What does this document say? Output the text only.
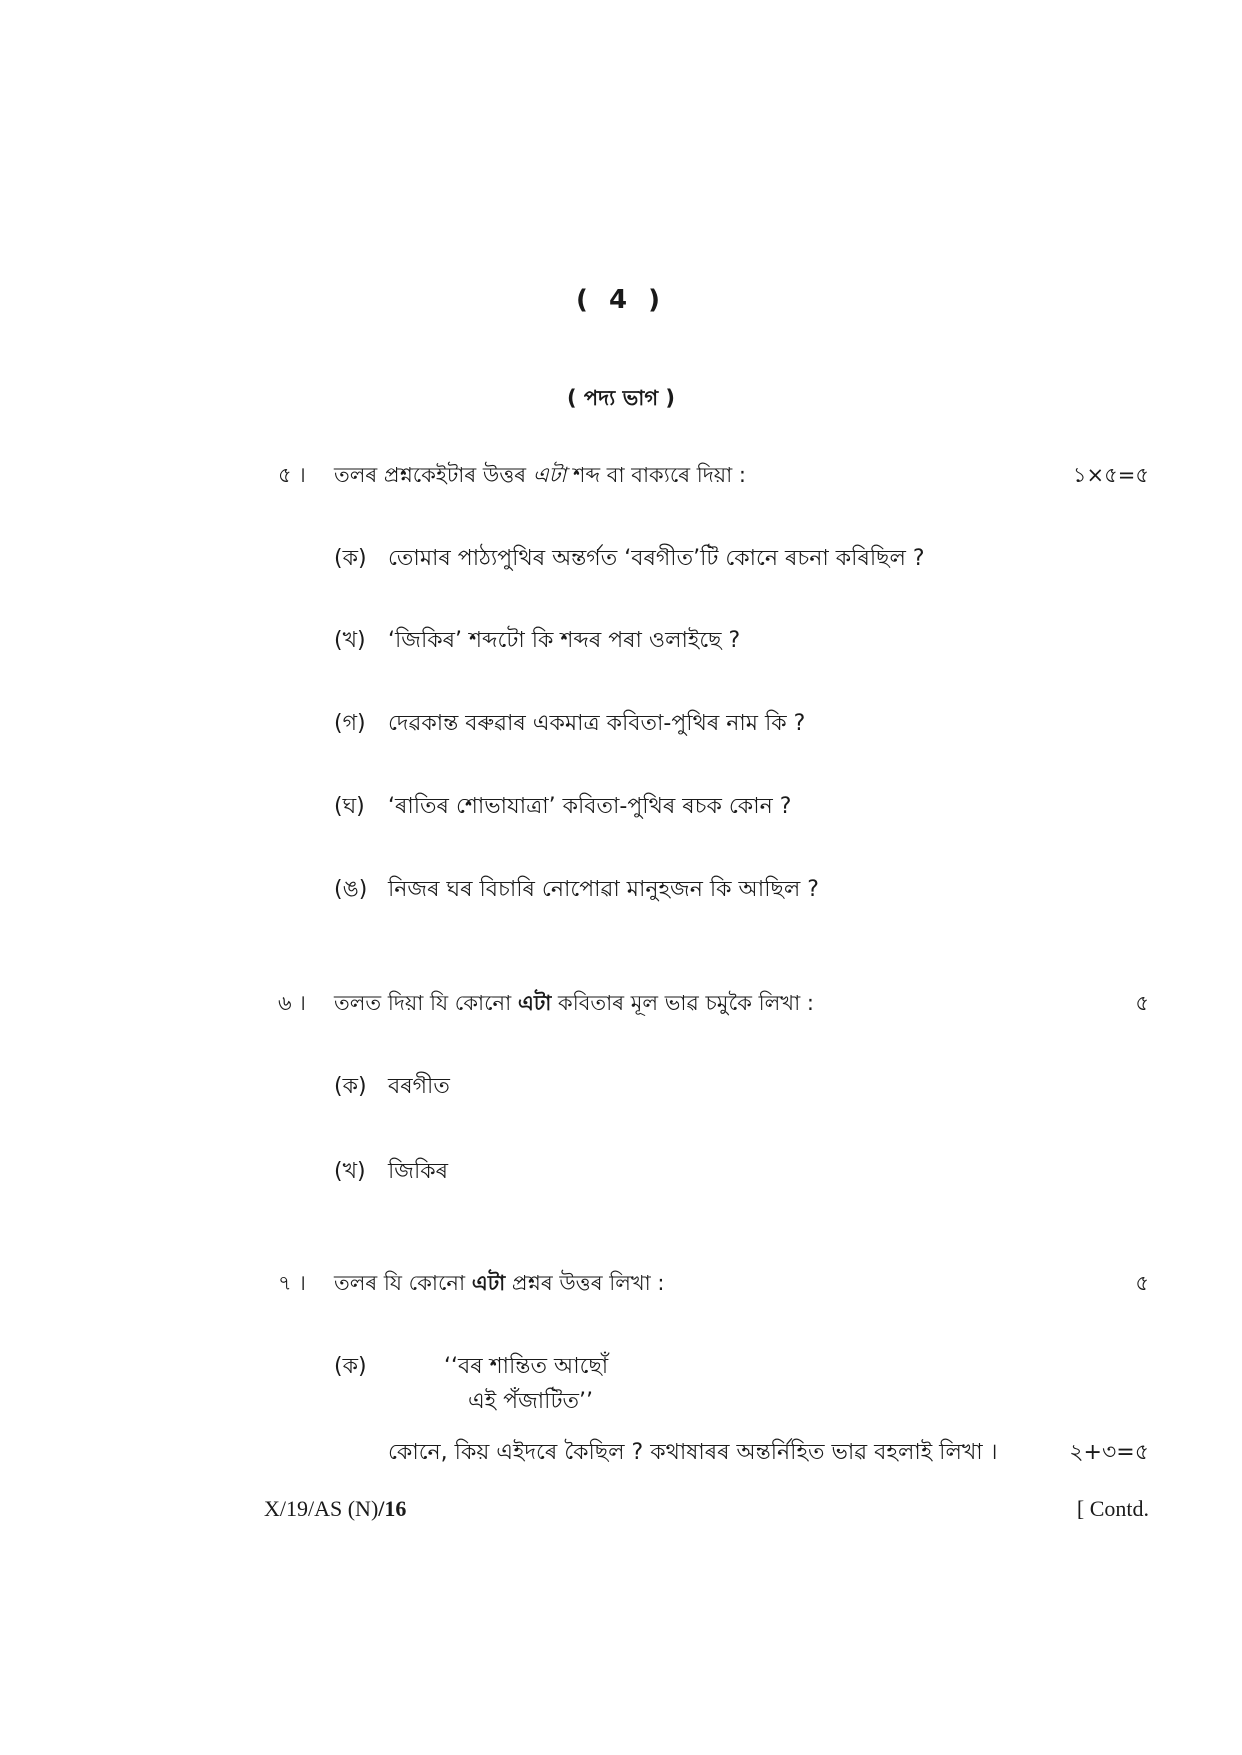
( 4 )
( পদ্য ভাগ )
৫ । তলৰ প্ৰশ্নকেইটাৰ উত্তৰ এটা শব্দ বা বাক্যৰে দিয়া :	১×৫=৫
(ক) তোমাৰ পাঠ্যপুথিৰ অন্তৰ্গত ‘বৰগীত’টি কোনে ৰচনা কৰিছিল ?
(খ) ‘জিকিৰ’ শব্দটো কি শব্দৰ পৰা ওলাইছে ?
(গ) দেৱকান্ত বৰুৱাৰ একমাত্ৰ কবিতা-পুথিৰ নাম কি ?
(ঘ) ‘ৰাতিৰ শোভাযাত্ৰা’ কবিতা-পুথিৰ ৰচক কোন ?
(ঙ) নিজৰ ঘৰ বিচাৰি নোপোৱা মানুহজন কি আছিল ?
৬ । তলত দিয়া যি কোনো এটা কবিতাৰ মূল ভাৱ চমুকৈ লিখা :	৫
(ক) বৰগীত
(খ) জিকিৰ
৭ । তলৰ যি কোনো এটা প্ৰশ্নৰ উত্তৰ লিখা :	৫
(ক)	‘‘বৰ শান্তিত আছোঁ
এই পঁজাটিত’’
কোনে, কিয় এইদৰে কৈছিল ? কথাষাৰৰ অন্তৰ্নিহিত ভাৱ বহলাই লিখা ।	২+৩=৫
X/19/AS (N)/16	[ Contd.
